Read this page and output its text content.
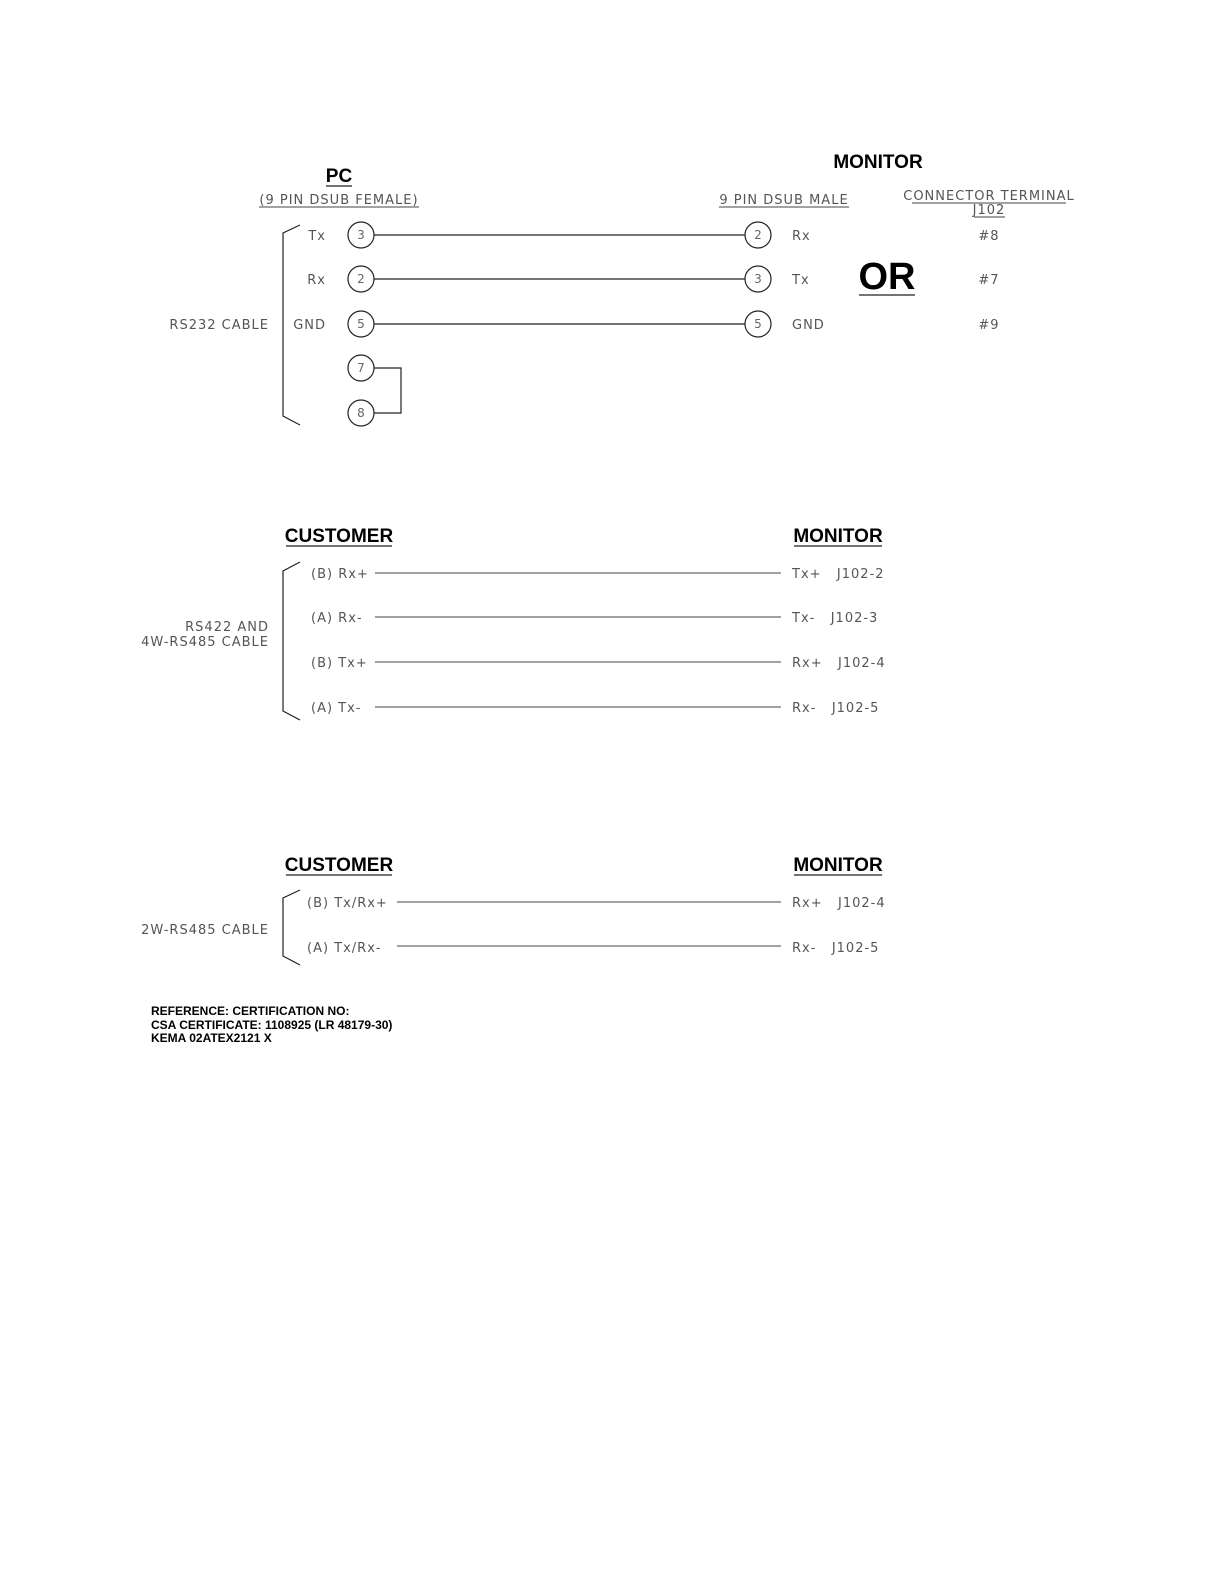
PC
(9 PIN DSUB FEMALE)
MONITOR
9 PIN DSUB MALE	CONNECTOR TERMINAL
J102
OR
RS232 CABLE
Tx	3	2 Rx	#8
Rx	2	3 Tx	#7
GND	5	5 GND	#9
7
8
CUSTOMER	MONITOR
RS422 AND
4W-RS485 CABLE
(B) Rx+	Tx+   J102-2
(A) Rx-	Tx-   J102-3
(B) Tx+	Rx+   J102-4
(A) Tx-	Rx-   J102-5
CUSTOMER	MONITOR
2W-RS485 CABLE
(B) Tx/Rx+	Rx+   J102-4
(A) Tx/Rx-	Rx-   J102-5
REFERENCE: CERTIFICATION NO:
CSA CERTIFICATE: 1108925 (LR 48179-30)
KEMA 02ATEX2121 X
